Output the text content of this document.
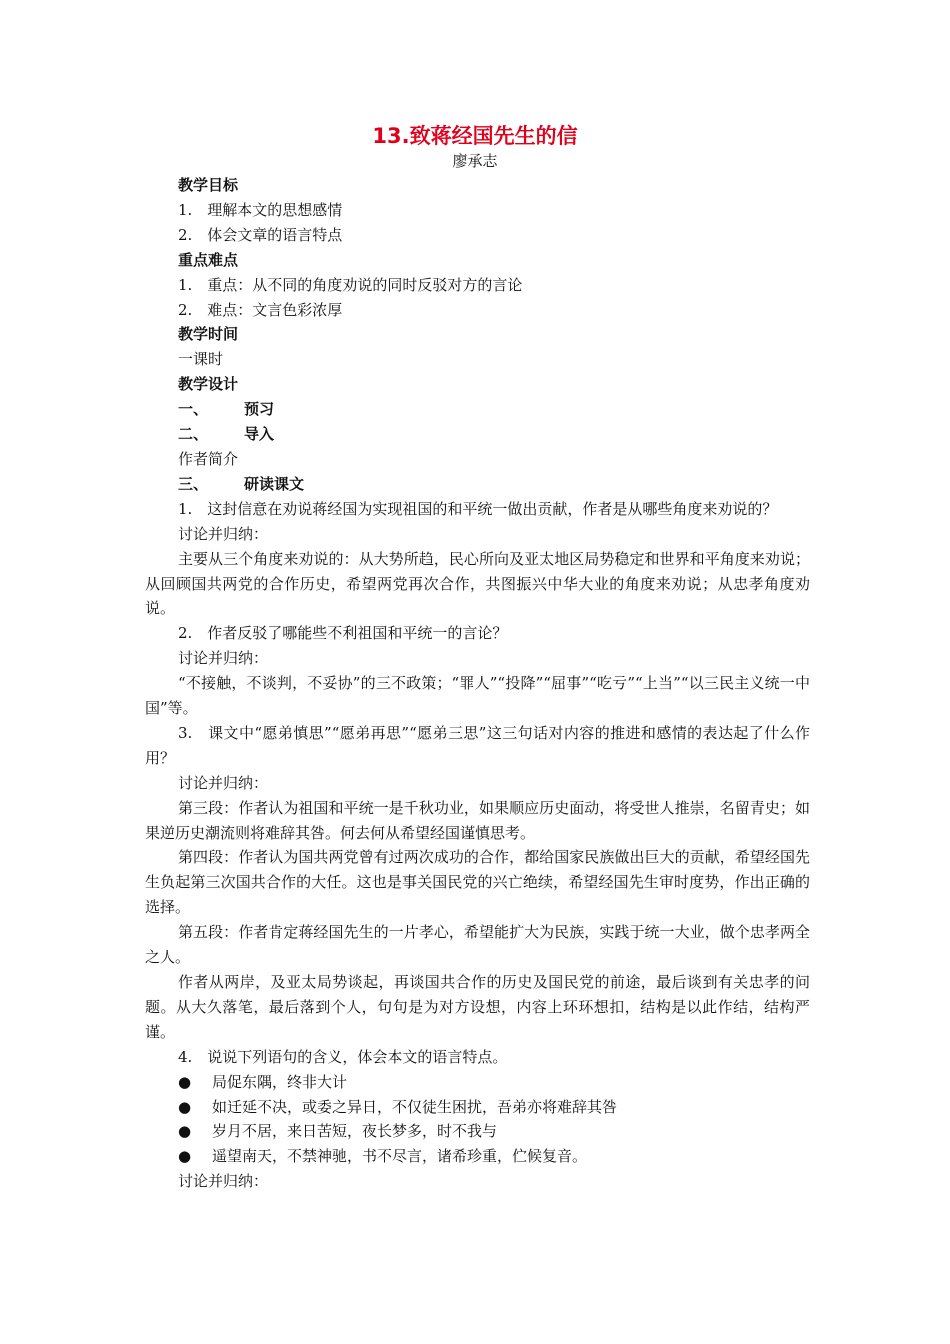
13.致蒋经国先生的信
廖承志

教学目标

1.　理解本文的思想感情

2.　体会文章的语言特点

重点难点

1.　重点：从不同的角度劝说的同时反驳对方的言论

2.　难点：文言色彩浓厚

教学时间

一课时

教学设计

一、 预习

二、 导入

作者简介

三、 研读课文

1.　这封信意在劝说蒋经国为实现祖国的和平统一做出贡献，作者是从哪些角度来劝说的？

讨论并归纳：

主要从三个角度来劝说的：从大势所趋，民心所向及亚太地区局势稳定和世界和平角度来劝说；从回顾国共两党的合作历史，希望两党再次合作，共图振兴中华大业的角度来劝说；从忠孝角度劝说。

2.　作者反驳了哪能些不利祖国和平统一的言论？

讨论并归纳：

“不接触，不谈判，不妥协”的三不政策；“罪人”“投降”“屈事”“吃亏”“上当”“以三民主义统一中国”等。

3.　课文中“愿弟慎思”“愿弟再思”“愿弟三思”这三句话对内容的推进和感情的表达起了什么作用？

讨论并归纳：

第三段：作者认为祖国和平统一是千秋功业，如果顺应历史面动，将受世人推崇，名留青史；如果逆历史潮流则将难辞其咎。何去何从希望经国谨慎思考。

第四段：作者认为国共两党曾有过两次成功的合作，都给国家民族做出巨大的贡献，希望经国先生负起第三次国共合作的大任。这也是事关国民党的兴亡绝续，希望经国先生审时度势，作出正确的选择。

第五段：作者肯定蒋经国先生的一片孝心，希望能扩大为民族，实践于统一大业，做个忠孝两全之人。

作者从两岸，及亚太局势谈起，再谈国共合作的历史及国民党的前途，最后谈到有关忠孝的问题。从大久落笔，最后落到个人，句句是为对方设想，内容上环环想扣，结构是以此作结，结构严谨。

4.　说说下列语句的含义，体会本文的语言特点。

● 局促东隅，终非大计

● 如迁延不决，或委之异日，不仅徒生困扰，吾弟亦将难辞其咎

● 岁月不居，来日苦短，夜长梦多，时不我与

● 遥望南天，不禁神驰，书不尽言，诸希珍重，伫候复音。

讨论并归纳：
